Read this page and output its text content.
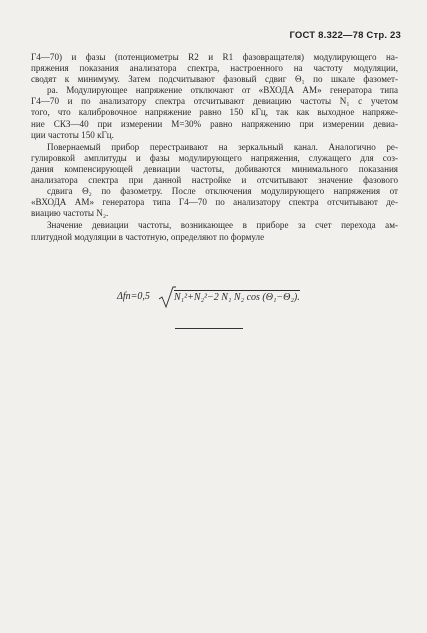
ГОСТ 8.322—78 Стр. 23
Г4—70) и фазы (потенциометры R2 и R1 фазовращателя) модулирующего на-
пряжения показания анализатора спектра, настроенного на частоту модуляции,
сводят к минимуму. Затем подсчитывают фазовый сдвиг Θ₁ по шкале фазомет-
ра. Модулирующее напряжение отключают от «ВХОДА АМ» генератора типа
Г4—70 и по анализатору спектра отсчитывают девиацию частоты N₁ с учетом
того, что калибровочное напряжение равно 150 кГц, так как выходное напряже-
ние СКЗ—40 при измерении M=30% равно напряжению при измерении девиа-
ции частоты 150 кГц.
Повернаемый прибор перестраивают на зеркальный канал. Аналогично ре-
гулировкой амплитуды и фазы модулирующего напряжения, служащего для соз-
дания компенсирующей девиации частоты, добиваются минимального показания
анализатора спектра при данной настройке и отсчитывают значение фазового
сдвига Θ₂ по фазометру. После отключения модулирующего напряжения от
«ВХОДА АМ» генератора типа Г4—70 по анализатору спектра отсчитывают де-
виацию частоты N₂.
Значение девиации частоты, возникающее в приборе за счет перехода ам-
плитудной модуляции в частотную, определяют по формуле
Δfп=0,5 N₁²+N₂²−2 N₁ N₂ cos (Θ₁−Θ₂).
